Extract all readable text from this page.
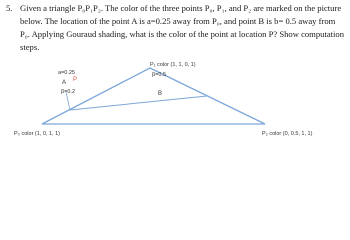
5. Given a triangle P₀P₁P₂. The color of the three points P₀, P₁, and P₂ are marked on the picture
below. The location of the point A is a=0.25 away from P₀, and point B is b= 0.5 away from
P₀. Applying Gouraud shading, what is the color of the point at location P? Show computation
steps.
P₁ color (1, 1, 0, 1)
β=0.5
a=0.25
A P
β=0.2	B
P₀ color (1, 0, 1, 1)	P₂ color (0, 0.5, 1, 1)
